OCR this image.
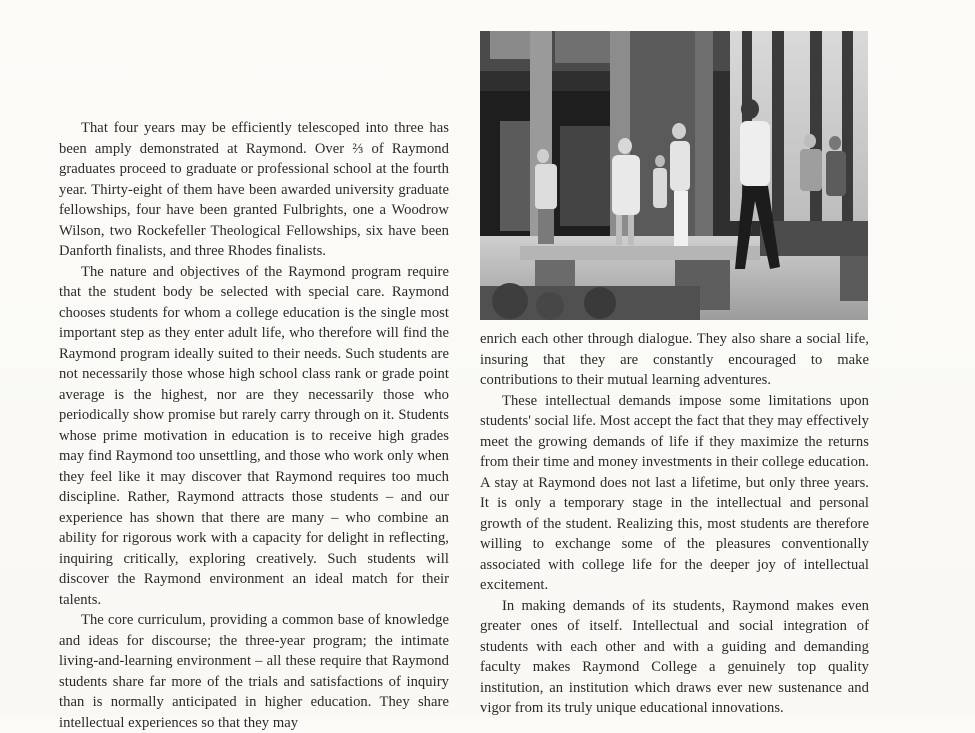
That four years may be efficiently telescoped into three has been amply demonstrated at Raymond. Over ⅔ of Raymond graduates proceed to graduate or professional school at the fourth year. Thirty-eight of them have been awarded university graduate fellowships, four have been granted Fulbrights, one a Woodrow Wilson, two Rockefeller Theological Fellowships, six have been Danforth finalists, and three Rhodes finalists.

The nature and objectives of the Raymond program require that the student body be selected with special care. Raymond chooses students for whom a college education is the single most important step as they enter adult life, who therefore will find the Raymond program ideally suited to their needs. Such students are not necessarily those whose high school class rank or grade point average is the highest, nor are they necessarily those who periodically show promise but rarely carry through on it. Students whose prime motivation in education is to receive high grades may find Raymond too unsettling, and those who work only when they feel like it may discover that Raymond requires too much discipline. Rather, Raymond attracts those students – and our experience has shown that there are many – who combine an ability for rigorous work with a capacity for delight in reflecting, inquiring critically, exploring creatively. Such students will discover the Raymond environment an ideal match for their talents.

The core curriculum, providing a common base of knowledge and ideas for discourse; the three-year program; the intimate living-and-learning environment – all these require that Raymond students share far more of the trials and satisfactions of inquiry than is normally anticipated in higher education. They share intellectual experiences so that they may

enrich each other through dialogue. They also share a social life, insuring that they are constantly encouraged to make contributions to their mutual learning adventures.

These intellectual demands impose some limitations upon students' social life. Most accept the fact that they may effectively meet the growing demands of life if they maximize the returns from their time and money investments in their college education. A stay at Raymond does not last a lifetime, but only three years. It is only a temporary stage in the intellectual and personal growth of the student. Realizing this, most students are therefore willing to exchange some of the pleasures conventionally associated with college life for the deeper joy of intellectual excitement.

In making demands of its students, Raymond makes even greater ones of itself. Intellectual and social integration of students with each other and with a guiding and demanding faculty makes Raymond College a genuinely top quality institution, an institution which draws ever new sustenance and vigor from its truly unique educational innovations.
